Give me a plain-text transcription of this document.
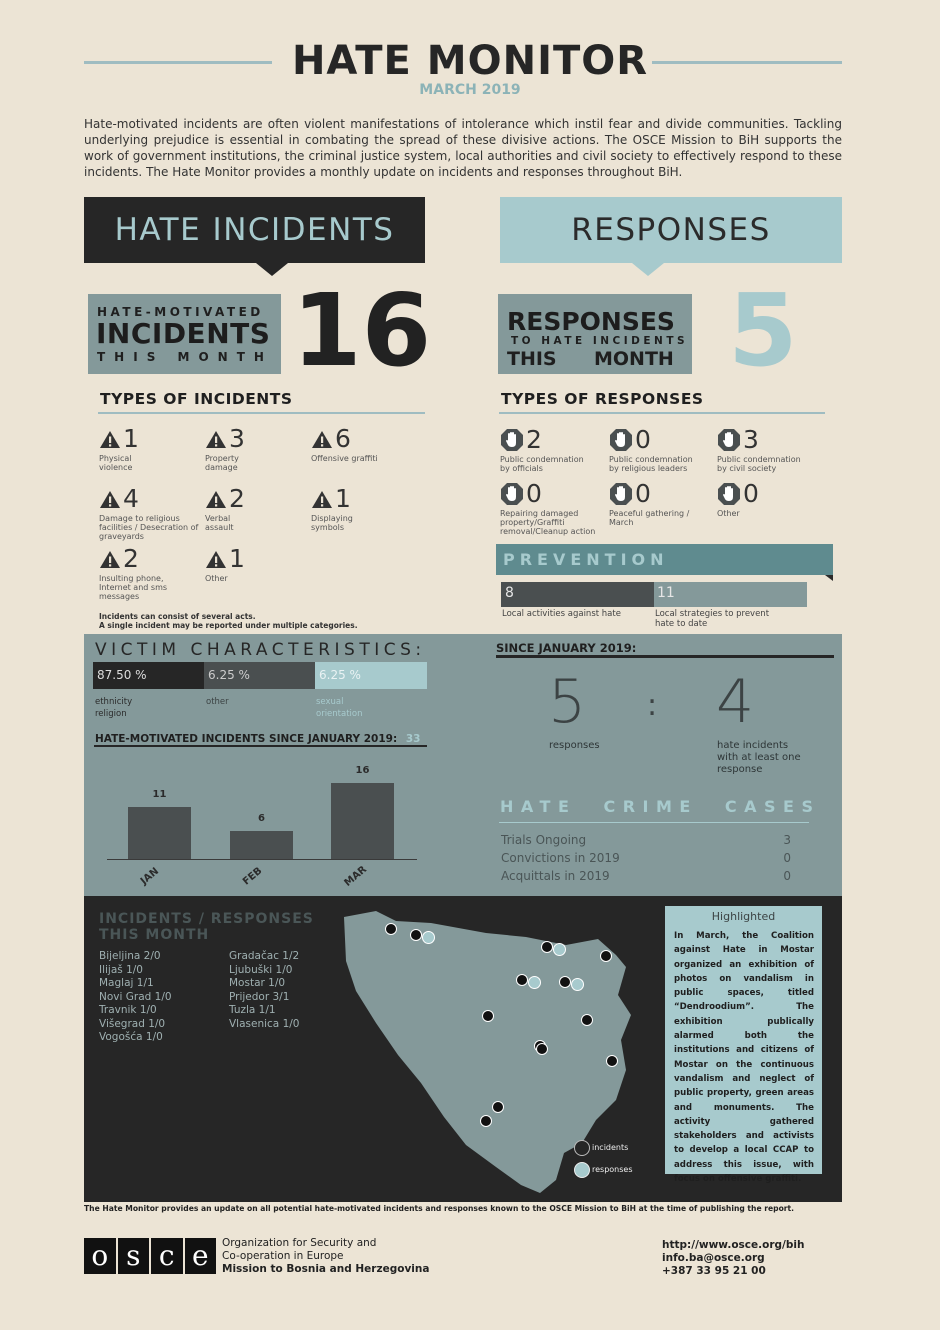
HATE MONITOR
MARCH 2019
Hate-motivated incidents are often violent manifestations of intolerance which instil fear and divide communities. Tackling underlying prejudice is essential in combating the spread of these divisive actions. The OSCE Mission to BiH supports the work of government institutions, the criminal justice system, local authorities and civil society to effectively respond to these incidents. The Hate Monitor provides a monthly update on incidents and responses throughout BiH.
HATE INCIDENTS	RESPONSES
HATE-MOTIVATED
INCIDENTS
THIS MONTH 16	RESPONSES
TO HATE INCIDENTS
THIS MONTH 5
TYPES OF INCIDENTS
1
Physical violence
3
Property damage
6
Offensive graffiti
4
Damage to religious facilities / Desecration of graveyards
2
Verbal assault
1
Displaying symbols
2
Insulting phone, Internet and sms messages
1
Other
Incidents can consist of several acts.
A single incident may be reported under multiple categories.
TYPES OF RESPONSES
2
Public condemnation by officials
0
Public condemnation by religious leaders
3
Public condemnation by civil society
0
Repairing damaged property/Graffiti removal/Cleanup action
0
Peaceful gathering / March
0
Other
PREVENTION
8	11
Local activities against hate	Local strategies to prevent hate to date
VICTIM CHARACTERISTICS:
87.50 %	6.25 %	6.25 %
ethnicity religion
other	sexual orientation
HATE-MOTIVATED INCIDENTS SINCE JANUARY 2019: 33
11
JAN
6
FEB
16
MAR
SINCE JANUARY 2019:
5 : 4
responses	hate incidents with at least one response
HATE CRIME CASES
Trials Ongoing	3
Convictions in 2019	0
Acquittals in 2019	0
INCIDENTS / RESPONSES
THIS MONTH
Bijeljina 2/0
Ilijaš 1/0
Maglaj 1/1
Novi Grad 1/0
Travnik 1/0
Višegrad 1/0
Vogošća 1/0
Gradačac 1/2
Ljubuški 1/0
Mostar 1/0
Prijedor 3/1
Tuzla 1/1
Vlasenica 1/0
incidents
responses
Highlighted
In March, the Coalition against Hate in Mostar organized an exhibition of photos on vandalism in public spaces, titled “Dendroodium”. The exhibition publically alarmed both the institutions and citizens of Mostar on the continuous vandalism and neglect of public property, green areas and monuments. The activity gathered stakeholders and activists to develop a local CCAP to address this issue, with focus on offensive graffiti.
The Hate Monitor provides an update on all potential hate-motivated incidents and responses known to the OSCE Mission to BiH at the time of publishing the report.
o s c e	Organization for Security and
Co-operation in Europe
Mission to Bosnia and Herzegovina
http://www.osce.org/bih
info.ba@osce.org
+387 33 95 21 00
